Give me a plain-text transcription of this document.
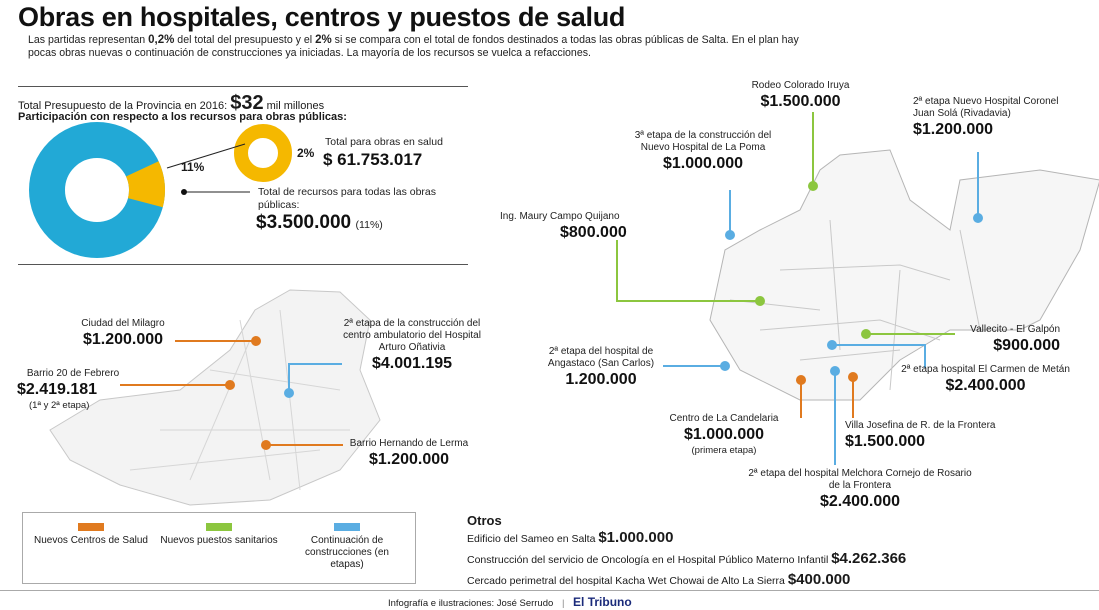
Obras en hospitales, centros y puestos de salud
Las partidas representan 0,2% del total del presupuesto y el 2% si se compara con el total de fondos destinados a todas las obras públicas de Salta. En el plan hay pocas obras nuevas o continuación de construcciones ya iniciadas. La mayoría de los recursos se vuelca a refacciones.
Total Presupuesto de la Provincia en 2016: $32 mil millones
Participación con respecto a los recursos para obras públicas:
11%
2%
Total para obras en salud
$ 61.753.017
Total de recursos para todas las obras públicas:
$3.500.000 (11%)
Ciudad del Milagro
$1.200.000
Barrio 20 de Febrero
$2.419.181
(1ª y 2ª etapa)
2ª etapa de la construcción del centro ambulatorio del Hospital Arturo Oñativia
$4.001.195
Barrio Hernando de Lerma
$1.200.000
Rodeo Colorado Iruya
$1.500.000	2ª etapa Nuevo Hospital Coronel Juan Solá (Rivadavia)
$1.200.000
3ª etapa de la construcción del Nuevo Hospital de La Poma
$1.000.000
Ing. Maury Campo Quijano
$800.000
Vallecito - El Galpón
$900.000
2ª etapa del hospital de Angastaco (San Carlos)
1.200.000
2ª etapa hospital El Carmen de Metán
$2.400.000
Centro de La Candelaria
$1.000.000
(primera etapa)
Villa Josefina de R. de la Frontera
$1.500.000
2ª etapa del hospital Melchora Cornejo de Rosario de la Frontera
$2.400.000
Nuevos Centros de Salud	Nuevos puestos sanitarios	Continuación de construcciones (en etapas)
Otros
Edificio del Sameo en Salta $1.000.000
Construcción del servicio de Oncología en el Hospital Público Materno Infantil $4.262.366
Cercado perimetral del hospital Kacha Wet Chowai de Alto La Sierra $400.000
Infografía e ilustraciones: José Serrudo | El Tribuno
